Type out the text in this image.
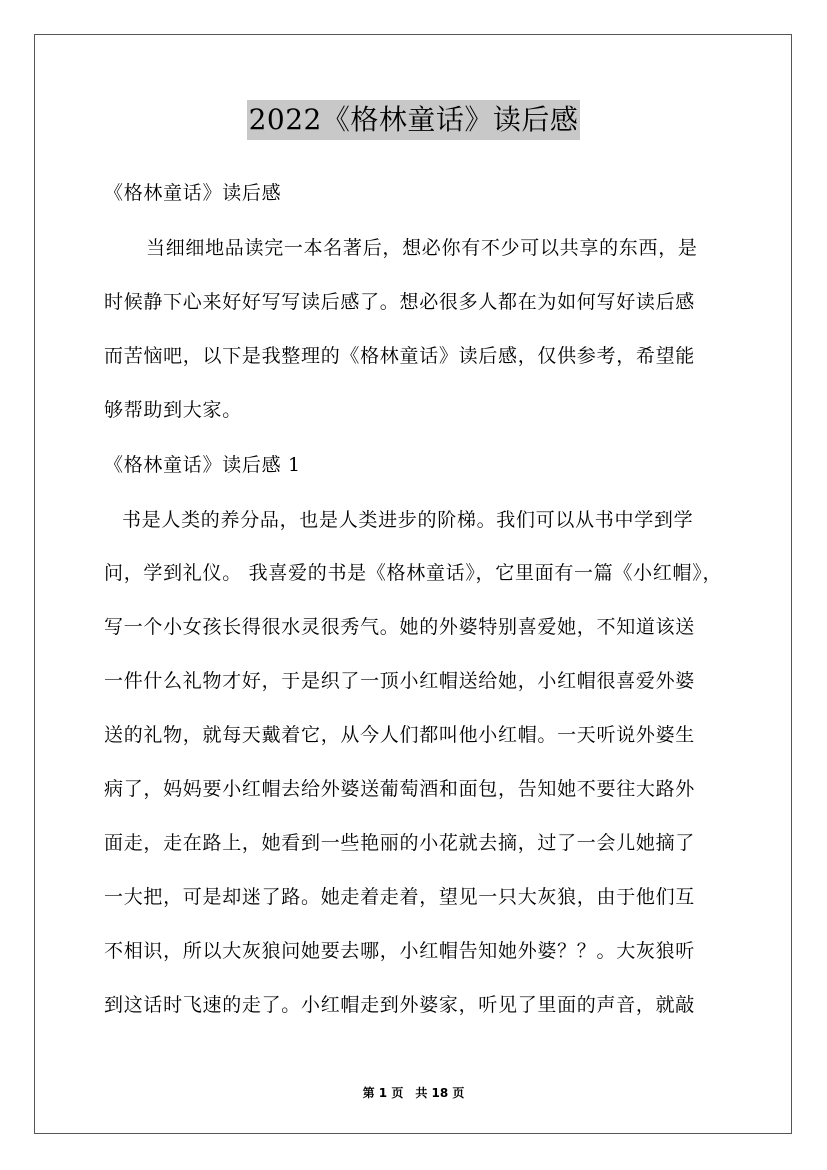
2022《格林童话》读后感
《格林童话》读后感
当细细地品读完一本名著后，想必你有不少可以共享的东西，是
时候静下心来好好写写读后感了。想必很多人都在为如何写好读后感
而苦恼吧，以下是我整理的《格林童话》读后感，仅供参考，希望能
够帮助到大家。
《格林童话》读后感 1
书是人类的养分品，也是人类进步的阶梯。我们可以从书中学到学
问，学到礼仪。 我喜爱的书是《格林童话》，它里面有一篇《小红帽》，
写一个小女孩长得很水灵很秀气。她的外婆特别喜爱她，不知道该送
一件什么礼物才好，于是织了一顶小红帽送给她，小红帽很喜爱外婆
送的礼物，就每天戴着它，从今人们都叫他小红帽。一天听说外婆生
病了，妈妈要小红帽去给外婆送葡萄酒和面包，告知她不要往大路外
面走，走在路上，她看到一些艳丽的小花就去摘，过了一会儿她摘了
一大把，可是却迷了路。她走着走着，望见一只大灰狼，由于他们互
不相识，所以大灰狼问她要去哪，小红帽告知她外婆？？。大灰狼听
到这话时飞速的走了。小红帽走到外婆家，听见了里面的声音，就敲
第 1 页　共 18 页
